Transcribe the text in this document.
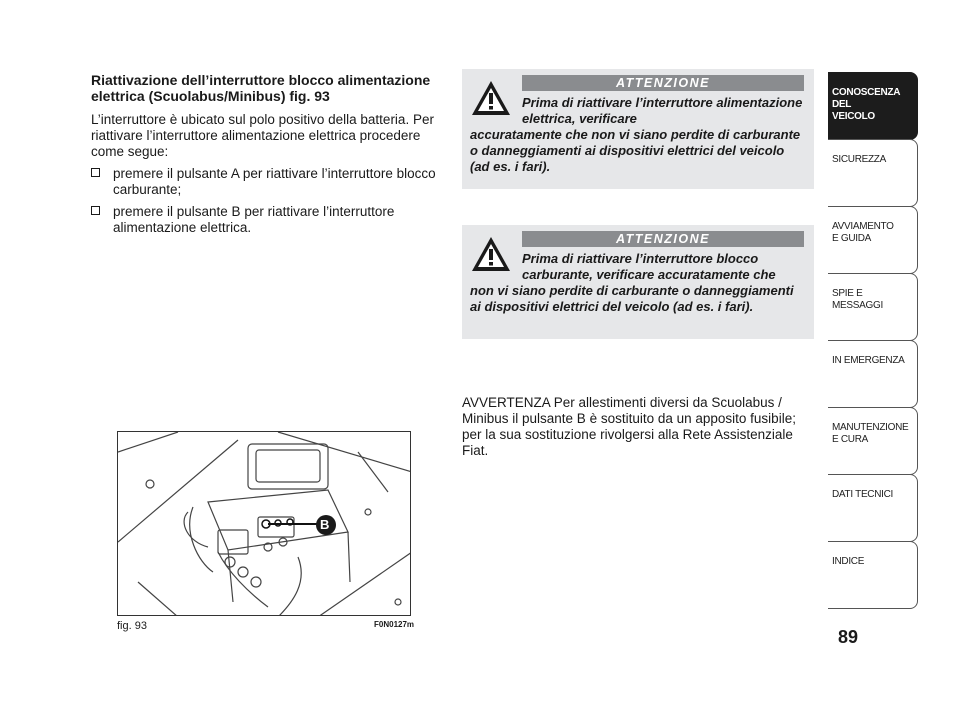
Riattivazione dell’interruttore blocco alimentazione elettrica (Scuolabus/Minibus) fig. 93

L’interruttore è ubicato sul polo positivo della batteria. Per riattivare l’interruttore alimentazione elettrica procedere come segue:

premere il pulsante A per riattivare l’interruttore blocco carburante;
premere il pulsante B per riattivare l’interruttore alimentazione elettrica.
ATTENZIONE
Prima di riattivare l’interruttore alimentazione elettrica, verificare
accuratamente che non vi siano perdite di carburante o danneggiamenti ai dispositivi elettrici del veicolo (ad es. i fari).
ATTENZIONE
Prima di riattivare l’interruttore blocco carburante, verificare accuratamente che
non vi siano perdite di carburante o danneggiamenti ai dispositivi elettrici del veicolo (ad es. i fari).

AVVERTENZA Per allestimenti diversi da Scuolabus / Minibus il pulsante B è sostituito da un apposito fusibile; per la sua sostituzione rivolgersi alla Rete Assistenziale Fiat.

B
fig. 93	F0N0127m
89
CONOSCENZA
DEL
VEICOLO
SICUREZZA
AVVIAMENTO
E GUIDA
SPIE E
MESSAGGI
IN EMERGENZA
MANUTENZIONE
E CURA
DATI TECNICI
INDICE
